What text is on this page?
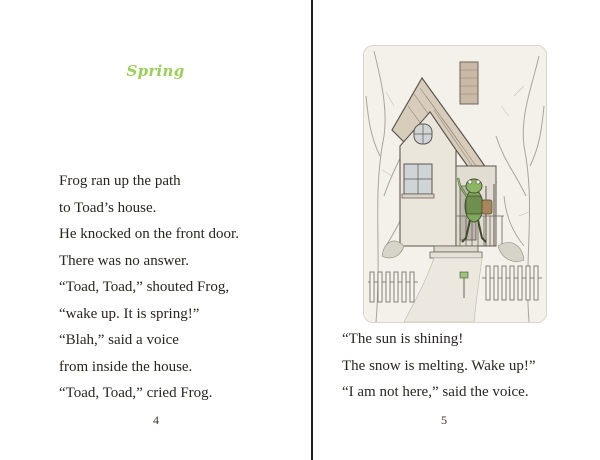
Spring
Frog ran up the path
to Toad’s house.
He knocked on the front door.
There was no answer.
“Toad, Toad,” shouted Frog,
“wake up. It is spring!”
“Blah,” said a voice
from inside the house.
“Toad, Toad,” cried Frog.
4
“The sun is shining!
The snow is melting. Wake up!”
“I am not here,” said the voice.
5
